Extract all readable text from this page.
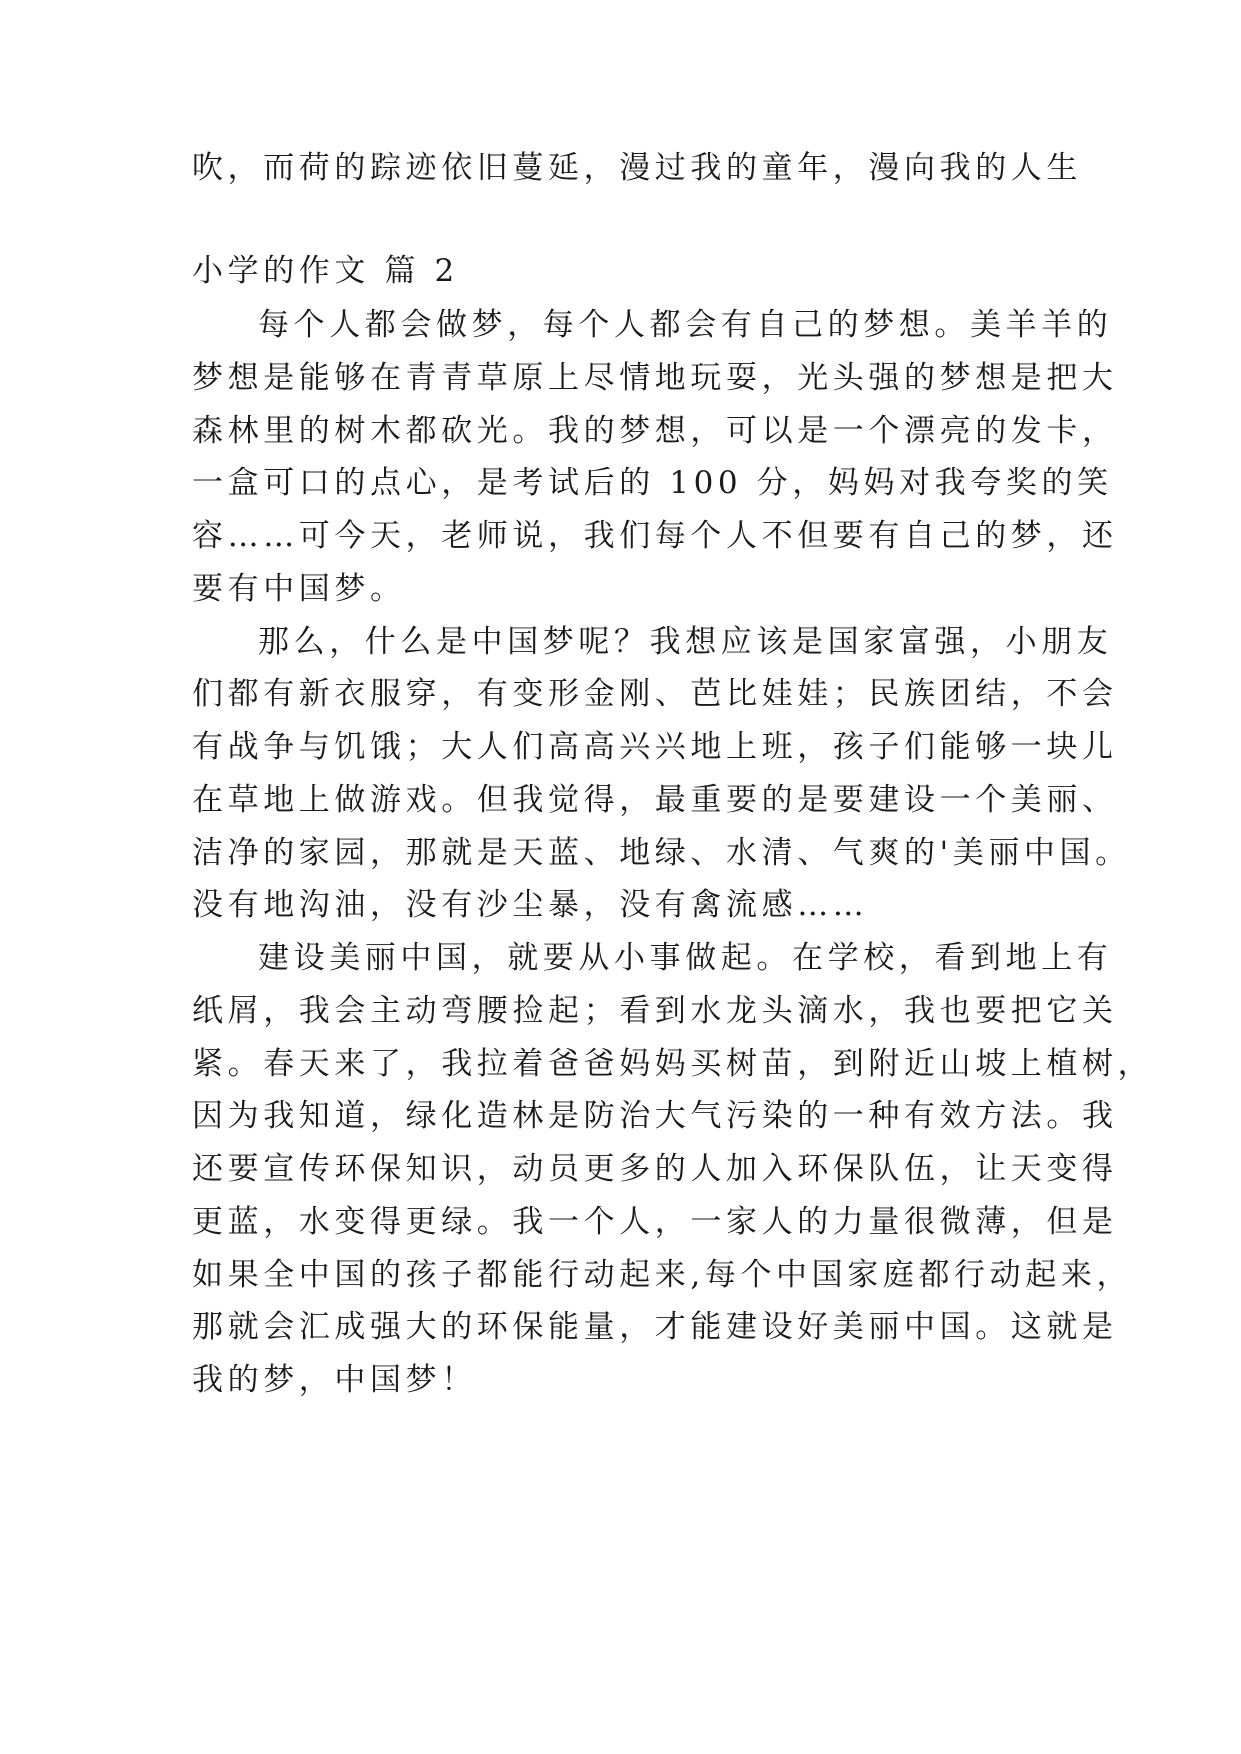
吹，而荷的踪迹依旧蔓延，漫过我的童年，漫向我的人生
小学的作文 篇 2
每个人都会做梦，每个人都会有自己的梦想。美羊羊的
梦想是能够在青青草原上尽情地玩耍，光头强的梦想是把大
森林里的树木都砍光。我的梦想，可以是一个漂亮的发卡，
一盒可口的点心，是考试后的 100 分，妈妈对我夸奖的笑
容……可今天，老师说，我们每个人不但要有自己的梦，还
要有中国梦。
那么，什么是中国梦呢？我想应该是国家富强，小朋友
们都有新衣服穿，有变形金刚、芭比娃娃；民族团结，不会
有战争与饥饿；大人们高高兴兴地上班，孩子们能够一块儿
在草地上做游戏。但我觉得，最重要的是要建设一个美丽、
洁净的家园，那就是天蓝、地绿、水清、气爽的'美丽中国。
没有地沟油，没有沙尘暴，没有禽流感……
建设美丽中国，就要从小事做起。在学校，看到地上有
纸屑，我会主动弯腰捡起；看到水龙头滴水，我也要把它关
紧。春天来了，我拉着爸爸妈妈买树苗，到附近山坡上植树，
因为我知道，绿化造林是防治大气污染的一种有效方法。我
还要宣传环保知识，动员更多的人加入环保队伍，让天变得
更蓝，水变得更绿。我一个人，一家人的力量很微薄，但是
如果全中国的孩子都能行动起来,每个中国家庭都行动起来，
那就会汇成强大的环保能量，才能建设好美丽中国。这就是
我的梦，中国梦！
